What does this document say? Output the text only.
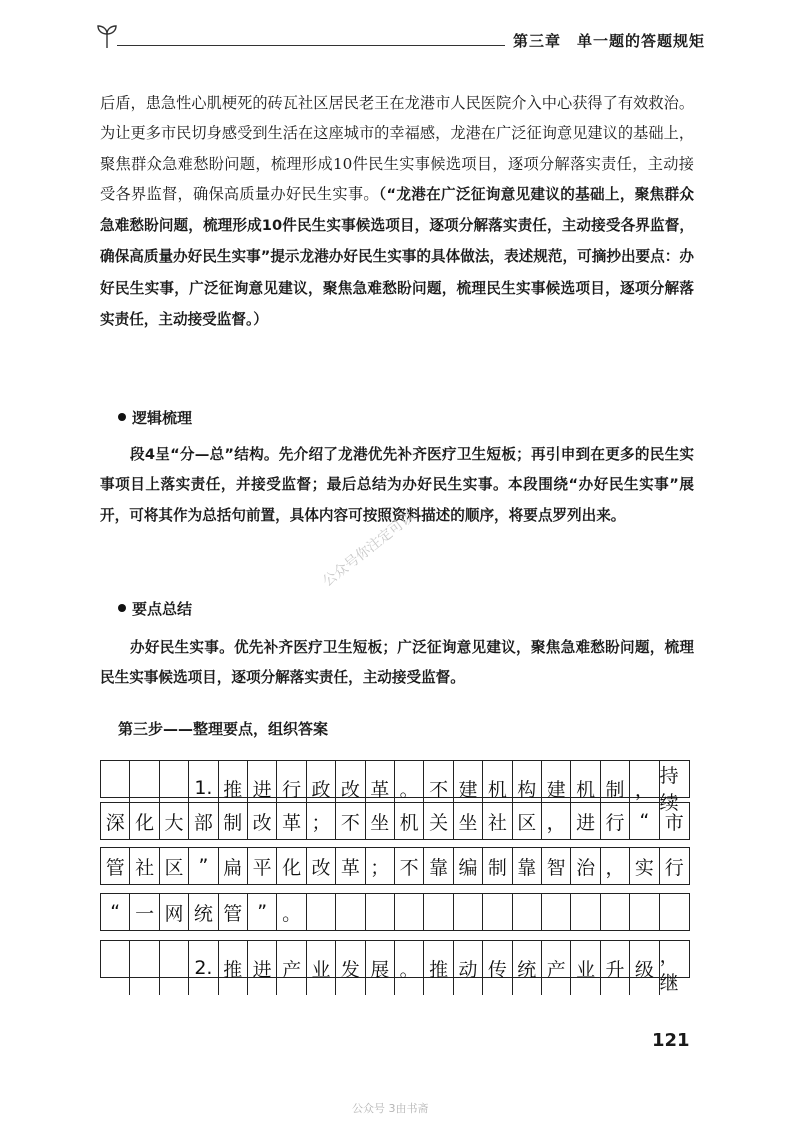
第三章　单一题的答题规矩
后盾，患急性心肌梗死的砖瓦社区居民老王在龙港市人民医院介入中心获得了有效救治。为让更多市民切身感受到生活在这座城市的幸福感，龙港在广泛征询意见建议的基础上，聚焦群众急难愁盼问题，梳理形成10件民生实事候选项目，逐项分解落实责任，主动接受各界监督，确保高质量办好民生实事。（“龙港在广泛征询意见建议的基础上，聚焦群众急难愁盼问题，梳理形成10件民生实事候选项目，逐项分解落实责任，主动接受各界监督，确保高质量办好民生实事”提示龙港办好民生实事的具体做法，表述规范，可摘抄出要点：办好民生实事，广泛征询意见建议，聚焦急难愁盼问题，梳理民生实事候选项目，逐项分解落实责任，主动接受监督。）
逻辑梳理
段4呈“分—总”结构。先介绍了龙港优先补齐医疗卫生短板；再引申到在更多的民生实事项目上落实责任，并接受监督；最后总结为办好民生实事。本段围绕“办好民生实事”展开，可将其作为总括句前置，具体内容可按照资料描述的顺序，将要点罗列出来。
公众号你注定可以
要点总结
办好民生实事。优先补齐医疗卫生短板；广泛征询意见建议，聚焦急难愁盼问题，梳理民生实事候选项目，逐项分解落实责任，主动接受监督。
第三步——整理要点，组织答案
1. 推 进 行 政 改 革 。 不 建 机 构 建 机 制 ，
持续
深 化 大 部 制 改 革 ； 不 坐 机 关 坐 社 区 ， 进 行 “ 市
管 社 区 ” 扁 平 化 改 革 ； 不 靠 编 制 靠 智 治 ， 实 行
“ 一 网 统 管 ” 。
2. 推 进 产 业 发 展 。 推 动 传 统 产 业 升 级
，继
121
公众号 3由书斋
